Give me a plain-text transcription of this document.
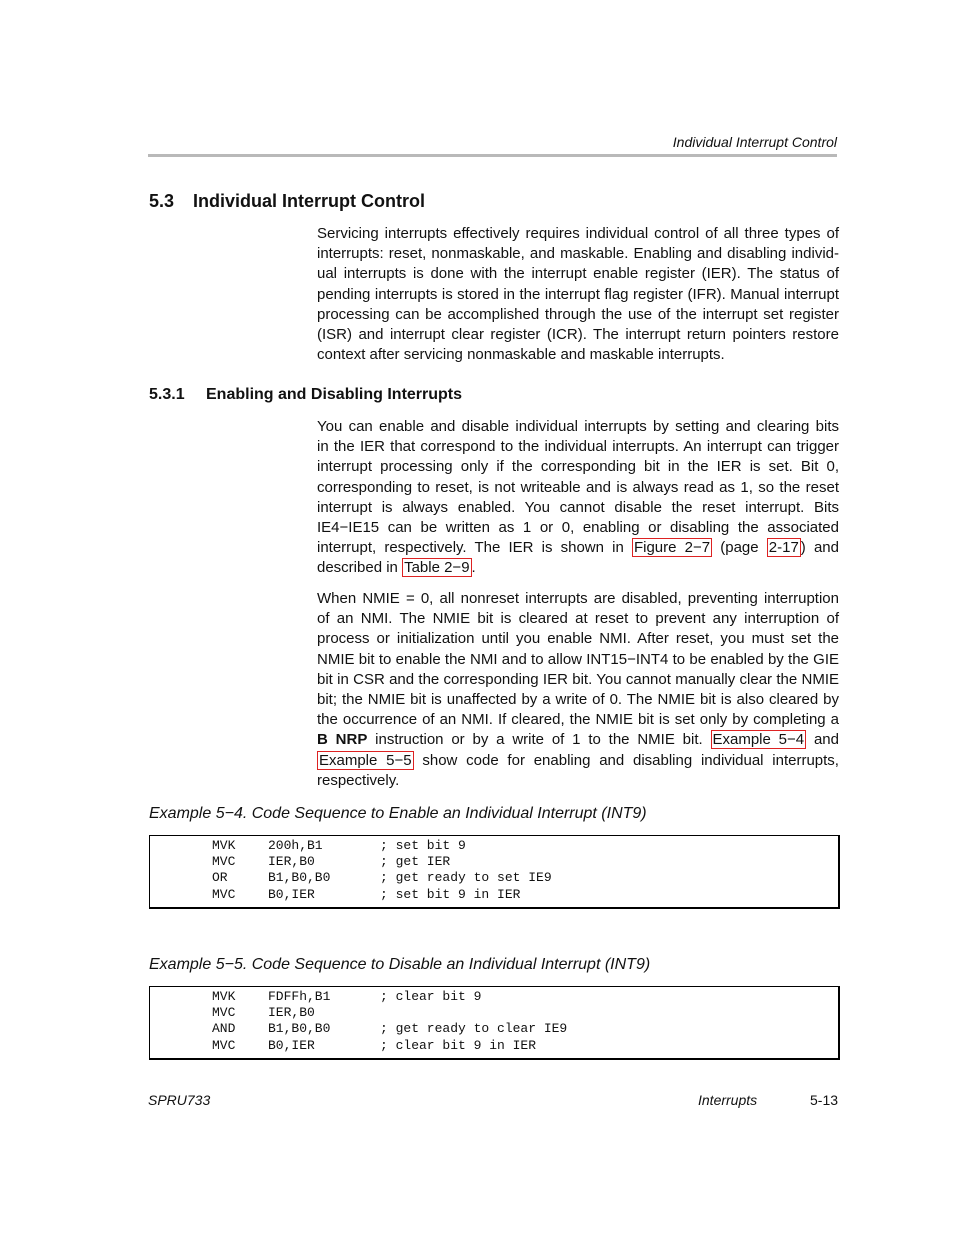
Individual Interrupt Control
5.3 Individual Interrupt Control
Servicing interrupts effectively requires individual control of all three types of
interrupts: reset, nonmaskable, and maskable. Enabling and disabling individ-
ual interrupts is done with the interrupt enable register (IER). The status of
pending interrupts is stored in the interrupt flag register (IFR). Manual interrupt
processing can be accomplished through the use of the interrupt set register
(ISR) and interrupt clear register (ICR). The interrupt return pointers restore
context after servicing nonmaskable and maskable interrupts.
5.3.1 Enabling and Disabling Interrupts
You can enable and disable individual interrupts by setting and clearing bits
in the IER that correspond to the individual interrupts. An interrupt can trigger
interrupt processing only if the corresponding bit in the IER is set. Bit 0,
corresponding to reset, is not writeable and is always read as 1, so the reset
interrupt is always enabled. You cannot disable the reset interrupt. Bits
IE4−IE15 can be written as 1 or 0, enabling or disabling the associated
interrupt, respectively. The IER is shown in Figure 2−7 (page 2-17 ) and
described in Table 2−9 .
When NMIE = 0, all nonreset interrupts are disabled, preventing interruption
of an NMI. The NMIE bit is cleared at reset to prevent any interruption of
process or initialization until you enable NMI. After reset, you must set the
NMIE bit to enable the NMI and to allow INT15−INT4 to be enabled by the GIE
bit in CSR and the corresponding IER bit. You cannot manually clear the NMIE
bit; the NMIE bit is unaffected by a write of 0. The NMIE bit is also cleared by
the occurrence of an NMI. If cleared, the NMIE bit is set only by completing a
B NRP instruction or by a write of 1 to the NMIE bit. Example 5−4 and
Example 5−5 show code for enabling and disabling individual interrupts,
respectively.
Example 5−4. Code Sequence to Enable an Individual Interrupt (INT9)
MVK	200h,B1	; set bit 9
MVC	IER,B0	; get IER
OR	B1,B0,B0	; get ready to set IE9
MVC	B0,IER	; set bit 9 in IER
Example 5−5. Code Sequence to Disable an Individual Interrupt (INT9)
MVK	FDFFh,B1	; clear bit 9
MVC	IER,B0
AND	B1,B0,B0	; get ready to clear IE9
MVC	B0,IER	; clear bit 9 in IER
SPRU733	Interrupts	5-13
